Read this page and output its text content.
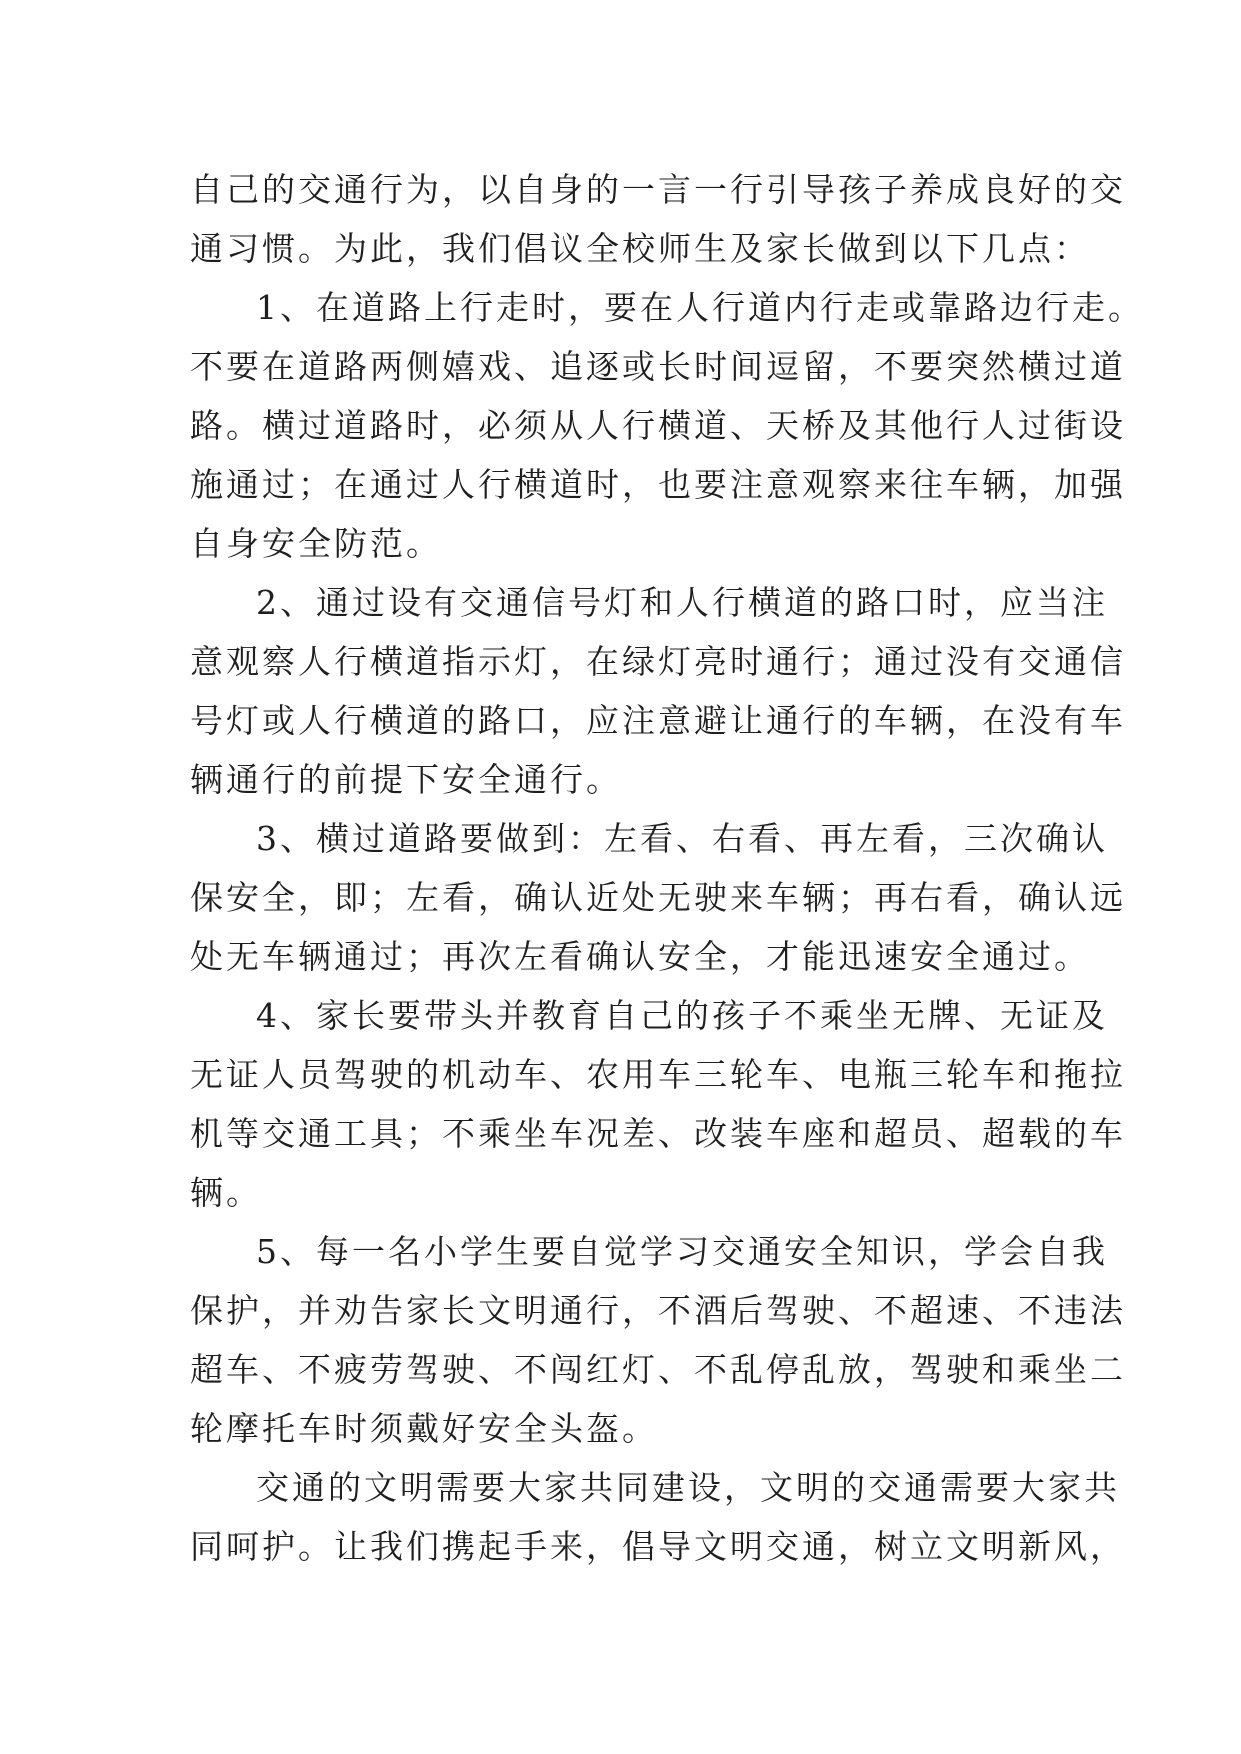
自己的交通行为，以自身的一言一行引导孩子养成良好的交
通习惯。为此，我们倡议全校师生及家长做到以下几点：
1、在道路上行走时，要在人行道内行走或靠路边行走。
不要在道路两侧嬉戏、追逐或长时间逗留，不要突然横过道
路。横过道路时，必须从人行横道、天桥及其他行人过街设
施通过；在通过人行横道时，也要注意观察来往车辆，加强
自身安全防范。
2、通过设有交通信号灯和人行横道的路口时，应当注
意观察人行横道指示灯，在绿灯亮时通行；通过没有交通信
号灯或人行横道的路口，应注意避让通行的车辆，在没有车
辆通行的前提下安全通行。
3、横过道路要做到：左看、右看、再左看，三次确认
保安全，即；左看，确认近处无驶来车辆；再右看，确认远
处无车辆通过；再次左看确认安全，才能迅速安全通过。
4、家长要带头并教育自己的孩子不乘坐无牌、无证及
无证人员驾驶的机动车、农用车三轮车、电瓶三轮车和拖拉
机等交通工具；不乘坐车况差、改装车座和超员、超载的车
辆。
5、每一名小学生要自觉学习交通安全知识，学会自我
保护，并劝告家长文明通行，不酒后驾驶、不超速、不违法
超车、不疲劳驾驶、不闯红灯、不乱停乱放，驾驶和乘坐二
轮摩托车时须戴好安全头盔。
交通的文明需要大家共同建设，文明的交通需要大家共
同呵护。让我们携起手来，倡导文明交通，树立文明新风，
